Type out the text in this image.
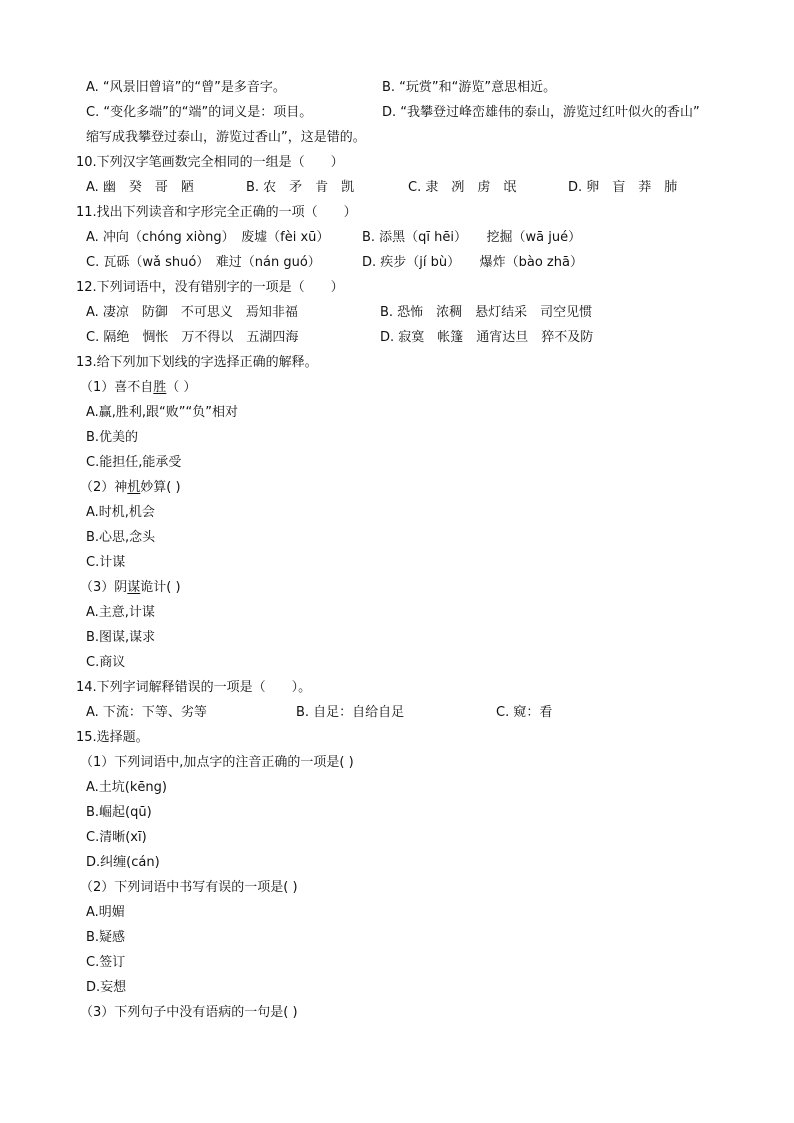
A. “风景旧曾谙”的“曾”是多音字。	B. “玩赏”和“游览”意思相近。
C. “变化多端”的“端”的词义是：项目。	D. “我攀登过峰峦雄伟的泰山，游览过红叶似火的香山”
缩写成我攀登过泰山，游览过香山”，这是错的。
10.下列汉字笔画数完全相同的一组是（　　）
A. 幽　癸　哥　陋	B. 农　矛　肯　凯	C. 隶　冽　虏　氓	D. 卵　盲　莽　肺
11.找出下列读音和字形完全正确的一项（　　）
A. 冲向（chóng xiòng）　废墟（fèi xū）	B. 添黑（qī hēi）　　挖掘（wā jué）
C. 瓦砾（wǎ shuó）　难过（nán guó）	D. 疾步（jí bù）　　爆炸（bào zhā）
12.下列词语中，没有错别字的一项是（　　）
A. 凄凉　防御　不可思义　焉知非福	B. 恐怖　浓稠　悬灯结采　司空见惯
C. 隔绝　惆怅　万不得以　五湖四海	D. 寂寞　帐篷　通宵达旦　猝不及防
13.给下列加下划线的字选择正确的解释。
（1）喜不自胜（ ）
A.赢,胜利,跟“败”“负”相对
B.优美的
C.能担任,能承受
（2）神机妙算( )
A.时机,机会
B.心思,念头
C.计谋
（3）阴谋诡计( )
A.主意,计谋
B.图谋,谋求
C.商议
14.下列字词解释错误的一项是（　　）。
A. 下流：下等、劣等	B. 自足：自给自足	C. 窥：看
15.选择题。
（1）下列词语中,加点字的注音正确的一项是( )
A.土坑(kēng)
B.崛起(qū)
C.清晰(xī)
D.纠缠(cán)
（2）下列词语中书写有误的一项是( )
A.明媚
B.疑感
C.签订
D.妄想
（3）下列句子中没有语病的一句是( )
